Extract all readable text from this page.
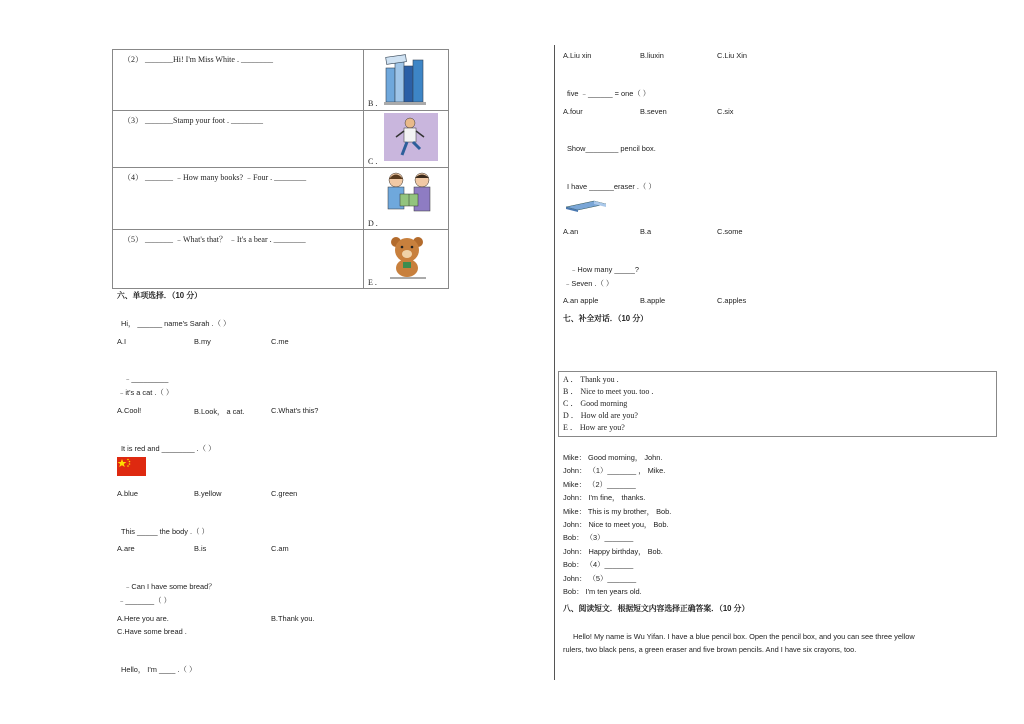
（2） _______Hi! I'm Miss White . ________
B .
（3） _______Stamp your foot . ________
C .
（4） _______ ﹣How many books? ﹣Four . ________
D .
（5） _______ ﹣What's that？ ﹣It's a bear . ________
E .
六、单项选择．（10 分）
Hi， ______ name's Sarah .（ ）
A.I	B.my	C.me
﹣_________
﹣it's a cat .（ ）
A.Cool!	B.Look， a cat.	C.What's this?
It is red and ________ .（ ）
A.blue	B.yellow	C.green
This _____ the body .（ ）
A.are	B.is	C.am
﹣Can I have some bread？
﹣_______（ ）
A.Here you are.	B.Thank you.
C.Have some bread .
Hello， I'm ____ .（ ）
A.Liu xin	B.liuxin	C.Liu Xin
five ﹣______ = one（ ）
A.four	B.seven	C.six
Show________ pencil box.
I have ______eraser .（ ）
A.an	B.a	C.some
﹣How many _____?
﹣Seven .（ ）
A.an apple	B.apple	C.apples
七、补全对话．（10 分）
A ． Thank you .
B ． Nice to meet you. too .
C ． Good morning
D ． How old are you?
E ． How are you?
Mike： Good morning， John.
John： （1）_______ ， Mike.
Mike： （2）_______
John： I'm fine， thanks.
Mike： This is my brother， Bob.
John： Nice to meet you， Bob.
Bob： （3）_______
John： Happy birthday， Bob.
Bob： （4）_______
John： （5）_______
Bob： I'm ten years old.
八、阅读短文．根据短文内容选择正确答案．（10 分）
Hello! My name is Wu Yifan. I have a blue pencil box. Open the pencil box, and you can see three yellow
rulers, two black pens, a green eraser and five brown pencils. And I have six crayons, too.
